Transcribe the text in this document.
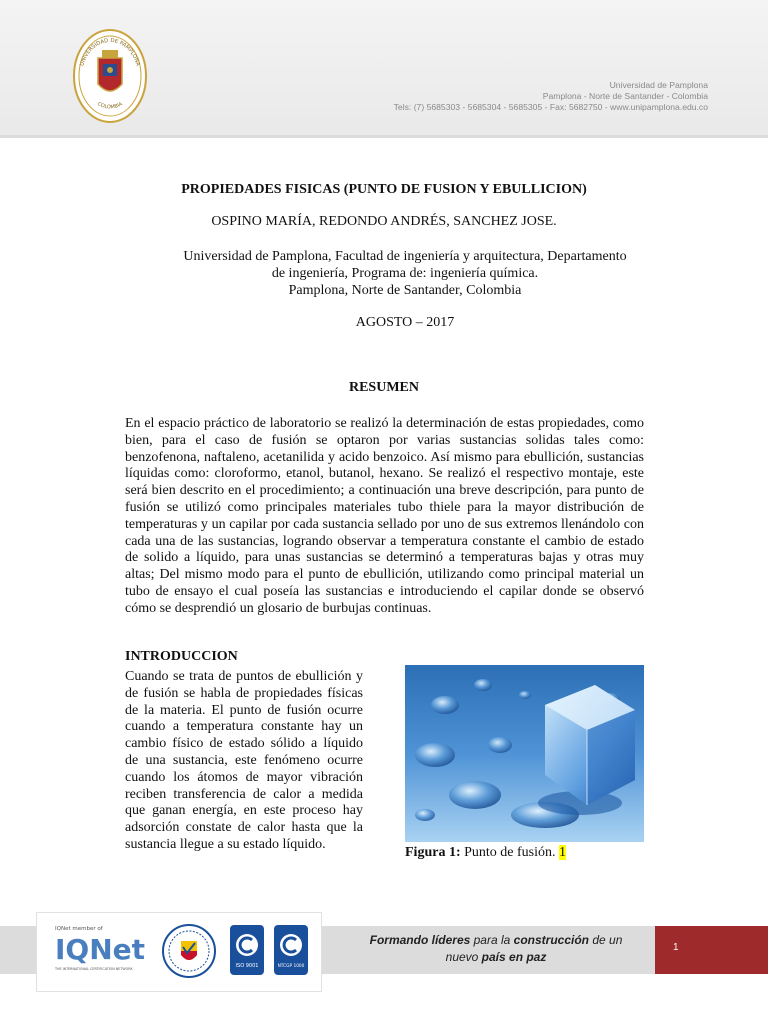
UNIVERSIDAD DE PAMPLONA
COLOMBIA
Universidad de Pamplona
Pamplona - Norte de Santander - Colombia
Tels: (7) 5685303 - 5685304 - 5685305 - Fax: 5682750 - www.unipamplona.edu.co
PROPIEDADES FISICAS (PUNTO DE FUSION Y EBULLICION)
OSPINO MARÍA, REDONDO ANDRÉS, SANCHEZ JOSE.
Universidad de Pamplona, Facultad de ingeniería y arquitectura, Departamento
de ingeniería, Programa de: ingeniería química.
Pamplona, Norte de Santander, Colombia
AGOSTO – 2017
RESUMEN
En el espacio práctico de laboratorio se realizó la determinación de estas propiedades, como bien, para el caso de fusión se optaron por varias sustancias solidas tales como: benzofenona, naftaleno, acetanilida y acido benzoico. Así mismo para ebullición, sustancias líquidas como: cloroformo, etanol, butanol, hexano. Se realizó el respectivo montaje, este será bien descrito en el procedimiento; a continuación una breve descripción, para punto de fusión se utilizó como principales materiales tubo thiele para la mayor distribución de temperaturas y un capilar por cada sustancia sellado por uno de sus extremos llenándolo con cada una de las sustancias, logrando observar a temperatura constante el cambio de estado de solido a líquido, para unas sustancias se determinó a temperaturas bajas y otras muy altas; Del mismo modo para el punto de ebullición, utilizando como principal material un tubo de ensayo el cual poseía las sustancias e introduciendo el capilar donde se observó cómo se desprendió un glosario de burbujas continuas.
INTRODUCCION
Cuando se trata de puntos de ebullición y de fusión se habla de propiedades físicas de la materia. El punto de fusión ocurre cuando a temperatura constante hay un cambio físico de estado sólido a líquido de una sustancia, este fenómeno ocurre cuando los átomos de mayor vibración reciben transferencia de calor a medida que ganan energía, en este proceso hay adsorción constate de calor hasta que la sustancia llegue a su estado líquido.
Figura 1: Punto de fusión. 1
IQNet member of
IQNet
THE INTERNATIONAL CERTIFICATION NETWORK	ISO 9001	NTCGP 1000
Formando líderes para la construcción de un
nuevo país en paz
1
